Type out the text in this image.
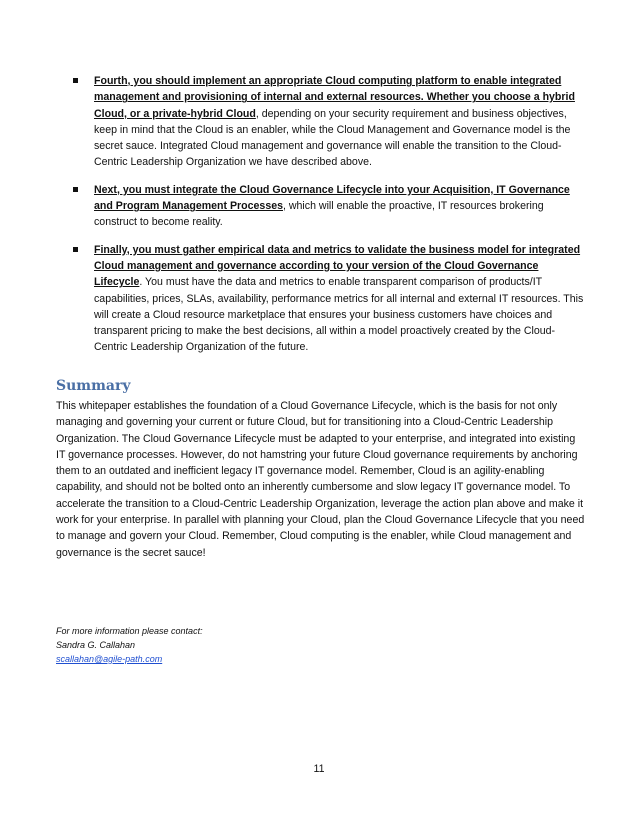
Fourth, you should implement an appropriate Cloud computing platform to enable integrated management and provisioning of internal and external resources. Whether you choose a hybrid Cloud, or a private-hybrid Cloud, depending on your security requirement and business objectives, keep in mind that the Cloud is an enabler, while the Cloud Management and Governance model is the secret sauce. Integrated Cloud management and governance will enable the transition to the Cloud-Centric Leadership Organization we have described above.
Next, you must integrate the Cloud Governance Lifecycle into your Acquisition, IT Governance and Program Management Processes, which will enable the proactive, IT resources brokering construct to become reality.
Finally, you must gather empirical data and metrics to validate the business model for integrated Cloud management and governance according to your version of the Cloud Governance Lifecycle. You must have the data and metrics to enable transparent comparison of products/IT capabilities, prices, SLAs, availability, performance metrics for all internal and external IT resources. This will create a Cloud resource marketplace that ensures your business customers have choices and transparent pricing to make the best decisions, all within a model proactively created by the Cloud-Centric Leadership Organization of the future.
Summary

This whitepaper establishes the foundation of a Cloud Governance Lifecycle, which is the basis for not only managing and governing your current or future Cloud, but for transitioning into a Cloud-Centric Leadership Organization. The Cloud Governance Lifecycle must be adapted to your enterprise, and integrated into existing IT governance processes. However, do not hamstring your future Cloud governance requirements by anchoring them to an outdated and inefficient legacy IT governance model. Remember, Cloud is an agility-enabling capability, and should not be bolted onto an inherently cumbersome and slow legacy IT governance model. To accelerate the transition to a Cloud-Centric Leadership Organization, leverage the action plan above and make it work for your enterprise. In parallel with planning your Cloud, plan the Cloud Governance Lifecycle that you need to manage and govern your Cloud. Remember, Cloud computing is the enabler, while Cloud management and governance is the secret sauce!

For more information please contact:
Sandra G. Callahan
scallahan@agile-path.com
11
